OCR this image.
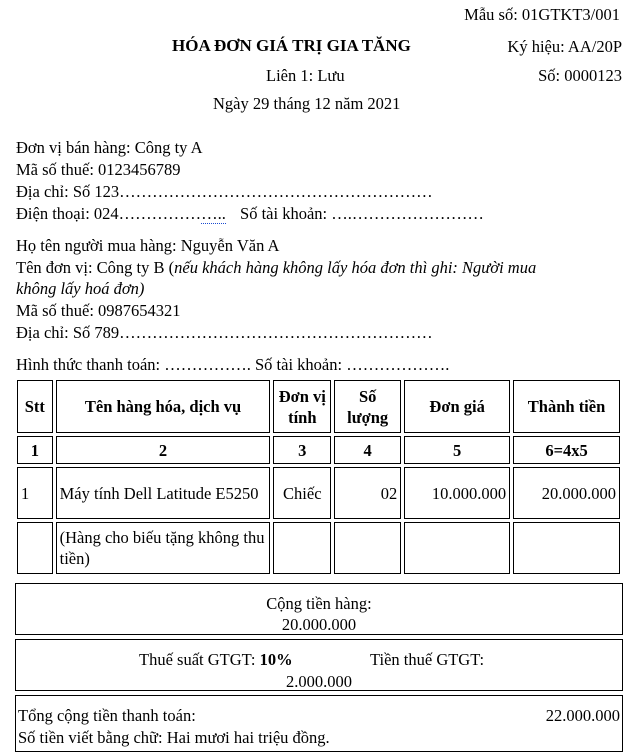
Mẫu số: 01GTKT3/001
HÓA ĐƠN GIÁ TRỊ GIA TĂNG	Ký hiệu: AA/20P
Liên 1: Lưu	Số: 0000123
Ngày 29 tháng 12 năm 2021
Đơn vị bán hàng: Công ty A
Mã số thuế: 0123456789
Địa chỉ: Số 123…………………………………………………
Điện thoại: 024……………….. Số tài khoản: ….……………………
Họ tên người mua hàng: Nguyễn Văn A
Tên đơn vị: Công ty B (nếu khách hàng không lấy hóa đơn thì ghi: Người mua
không lấy hoá đơn)
Mã số thuế: 0987654321
Địa chỉ: Số 789…………………………………………………
Hình thức thanh toán: ……………. Số tài khoản: ……………….
Stt	Tên hàng hóa, dịch vụ	Đơn vị tính	Số lượng	Đơn giá	Thành tiền
1	2	3	4	5	6=4x5
1	Máy tính Dell Latitude E5250	Chiếc	02	10.000.000	20.000.000
	(Hàng cho biếu tặng không thu tiền)				
Cộng tiền hàng:
20.000.000
Thuế suất GTGT: 10%	Tiền thuế GTGT:
2.000.000
Tổng cộng tiền thanh toán:	22.000.000
Số tiền viết bằng chữ: Hai mươi hai triệu đồng.
